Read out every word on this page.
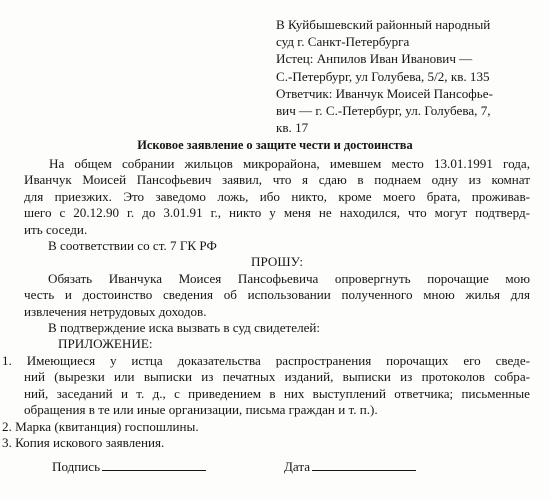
В Куйбышевский районный народный
суд г. Санкт-Петербурга
Истец: Анпилов Иван Иванович —
С.-Петербург, ул Голубева, 5/2, кв. 135
Ответчик: Иванчук Моисей Пансофье-
вич — г. С.-Петербург, ул. Голубева, 7,
кв. 17
Исковое заявление о защите чести и достоинства
На общем собрании жильцов микрорайона, имевшем место 13.01.1991 года,
Иванчук Моисей Пансофьевич заявил, что я сдаю в поднаем одну из комнат
для приезжих. Это заведомо ложь, ибо никто, кроме моего брата, проживав-
шего с 20.12.90 г. до 3.01.91 г., никто у меня не находился, что могут подтверд-
ить соседи.
В соответствии со ст. 7 ГК РФ
ПРОШУ:
Обязать Иванчука Моисея Пансофьевича опровергнуть порочащие мою
честь и достоинство сведения об использовании полученного мною жилья для
извлечения нетрудовых доходов.
В подтверждение иска вызвать в суд свидетелей:
ПРИЛОЖЕНИЕ:
1. Имеющиеся у истца доказательства распространения порочащих его сведе-
ний (вырезки или выписки из печатных изданий, выписки из протоколов собра-
ний, заседаний и т. д., с приведением в них выступлений ответчика; письменные
обращения в те или иные организации, письма граждан и т. п.).
2. Марка (квитанция) госпошлины.
3. Копия искового заявления.
Подпись	Дата
